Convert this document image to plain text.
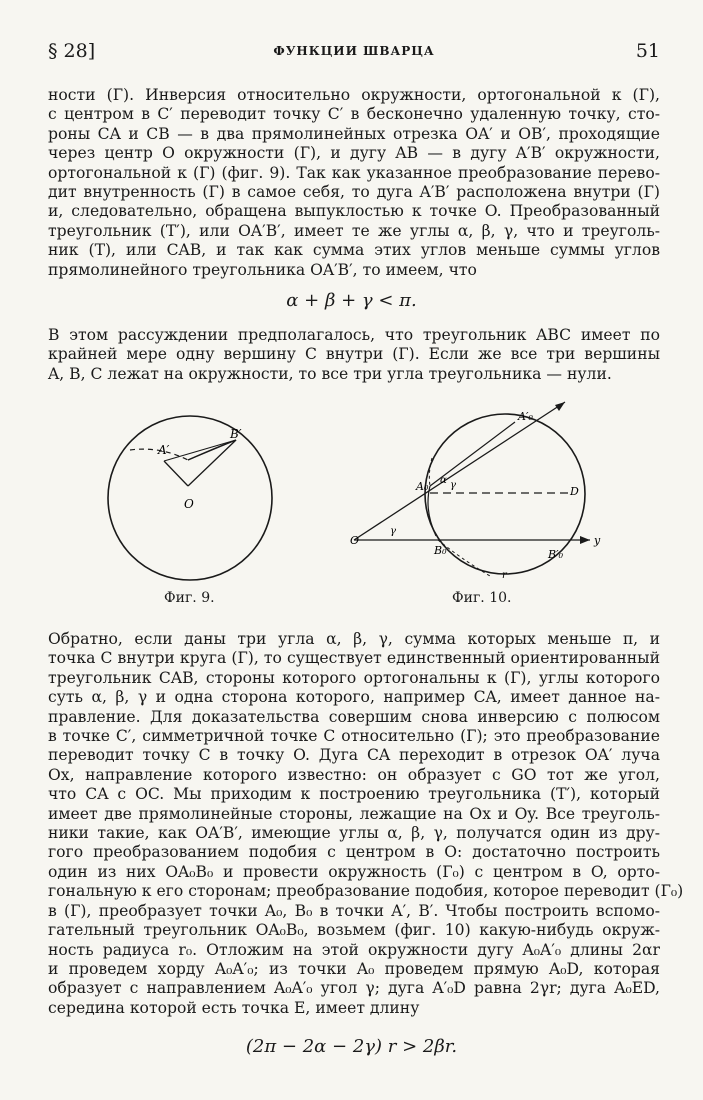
§ 28]	ФУНКЦИИ ШВАРЦА	51
ности (Г). Инверсия относительно окружности, ортогональной к (Г),
с центром в C′ переводит точку C′ в бесконечно удаленную точку, сто-
роны CA и CB — в два прямолинейных отрезка OA′ и OB′, проходящие
через центр O окружности (Г), и дугу AB — в дугу A′B′ окружности,
ортогональной к (Г) (фиг. 9). Так как указанное преобразование перево-
дит внутренность (Г) в самое себя, то дуга A′B′ расположена внутри (Г)
и, следовательно, обращена выпуклостью к точке O. Преобразованный
треугольник (T′), или OA′B′, имеет те же углы α, β, γ, что и треуголь-
ник (T), или CAB, и так как сумма этих углов меньше суммы углов
прямолинейного треугольника OA′B′, то имеем, что
α + β + γ < π.
В этом рассуждении предполагалось, что треугольник ABC имеет по
крайней мере одну вершину C внутри (Г). Если же все три вершины
A, B, C лежат на окружности, то все три угла треугольника — нули.
A′
B′
O
Фиг. 9.
A′₀
A₀ α γ	D
O
γ
B₀	B′₀
y
r
Фиг. 10.
Обратно, если даны три угла α, β, γ, сумма которых меньше π, и
точка C внутри круга (Г), то существует единственный ориентированный
треугольник CAB, стороны которого ортогональны к (Г), углы которого
суть α, β, γ и одна сторона которого, например CA, имеет данное на-
правление. Для доказательства совершим снова инверсию с полюсом
в точке C′, симметричной точке C относительно (Г); это преобразование
переводит точку C в точку O. Дуга CA переходит в отрезок OA′ луча
Ox, направление которого известно: он образует с GO тот же угол,
что CA с OC. Мы приходим к построению треугольника (T′), который
имеет две прямолинейные стороны, лежащие на Ox и Oy. Все треуголь-
ники такие, как OA′B′, имеющие углы α, β, γ, получатся один из дру-
гого преобразованием подобия с центром в O: достаточно построить
один из них OA₀B₀ и провести окружность (Г₀) с центром в O, орто-
гональную к его сторонам; преобразование подобия, которое переводит (Г₀)
в (Г), преобразует точки A₀, B₀ в точки A′, B′. Чтобы построить вспомо-
гательный треугольник OA₀B₀, возьмем (фиг. 10) какую-нибудь окруж-
ность радиуса r₀. Отложим на этой окружности дугу A₀A′₀ длины 2αr
и проведем хорду A₀A′₀; из точки A₀ проведем прямую A₀D, которая
образует с направлением A₀A′₀ угол γ; дуга A′₀D равна 2γr; дуга A₀ED,
середина которой есть точка E, имеет длину
(2π − 2α − 2γ) r > 2βr.
